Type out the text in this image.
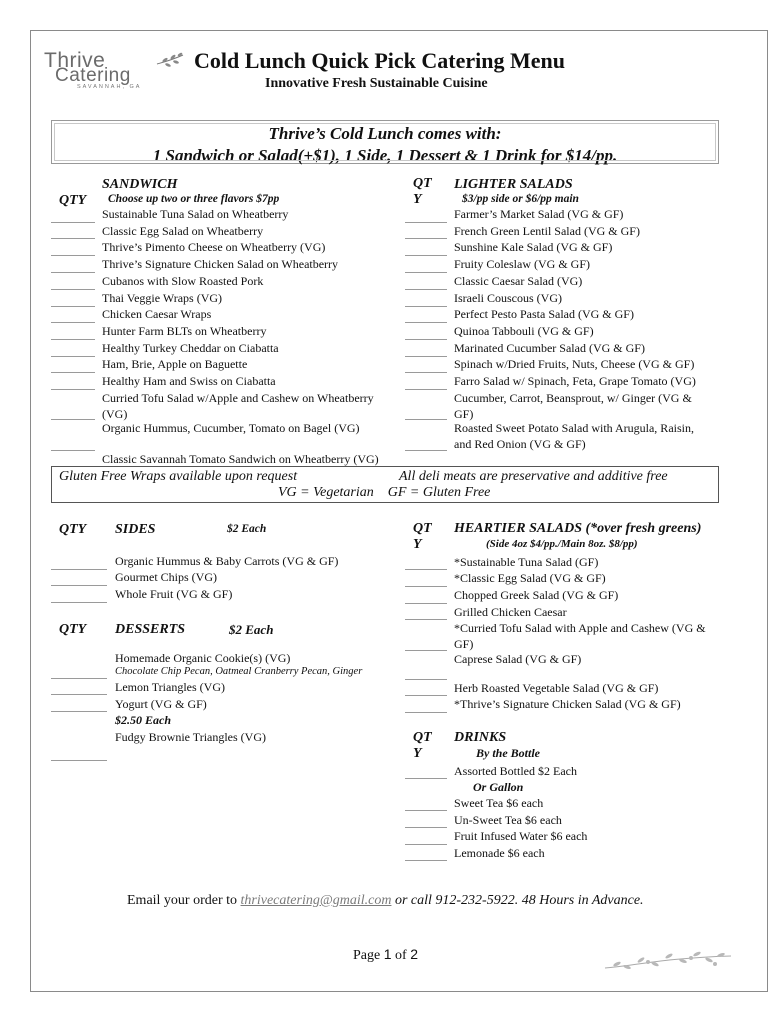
Thrive
Catering
SAVANNAH, GA
Cold Lunch Quick Pick Catering Menu
Innovative Fresh Sustainable Cuisine
Thrive’s Cold Lunch comes with:
1 Sandwich or Salad(+$1), 1 Side, 1 Dessert & 1 Drink for $14/pp.
QTY
SANDWICH
Choose up two or three flavors $7pp
Sustainable Tuna Salad on Wheatberry
Classic Egg Salad on Wheatberry
Thrive’s Pimento Cheese on Wheatberry (VG)
Thrive’s Signature Chicken Salad on Wheatberry
Cubanos with Slow Roasted Pork
Thai Veggie Wraps (VG)
Chicken Caesar Wraps
Hunter Farm BLTs on Wheatberry
Healthy Turkey Cheddar on Ciabatta
Ham, Brie, Apple on Baguette
Healthy Ham and Swiss on Ciabatta
Curried Tofu Salad w/Apple and Cashew on Wheatberry (VG)
Organic Hummus, Cucumber, Tomato on Bagel (VG)
Classic Savannah Tomato Sandwich on Wheatberry (VG)
QT Y
LIGHTER SALADS
$3/pp side or $6/pp main
Farmer’s Market Salad (VG & GF)
French Green Lentil Salad (VG & GF)
Sunshine Kale Salad (VG & GF)
Fruity Coleslaw (VG & GF)
Classic Caesar Salad (VG)
Israeli Couscous (VG)
Perfect Pesto Pasta Salad (VG & GF)
Quinoa Tabbouli (VG & GF)
Marinated Cucumber Salad (VG & GF)
Spinach w/Dried Fruits, Nuts, Cheese (VG & GF)
Farro Salad w/ Spinach, Feta, Grape Tomato (VG)
Cucumber, Carrot, Beansprout, w/ Ginger (VG & GF)
Roasted Sweet Potato Salad with Arugula, Raisin, and Red Onion (VG & GF)
Gluten Free Wraps available upon request	All deli meats are preservative and additive free
VG = Vegetarian    GF = Gluten Free
QTY SIDES	$2 Each
Organic Hummus & Baby Carrots (VG & GF)
Gourmet Chips (VG)
Whole Fruit (VG & GF)
QTY DESSERTS	$2 Each
Homemade Organic Cookie(s) (VG)
Lemon Triangles (VG)
Yogurt (VG & GF)
Fudgy Brownie Triangles (VG)
Chocolate Chip Pecan, Oatmeal Cranberry Pecan, Ginger
$2.50 Each
QT Y
HEARTIER SALADS (*over fresh greens)
(Side 4oz $4/pp./Main 8oz. $8/pp)
*Sustainable Tuna Salad (GF)
*Classic Egg Salad (VG & GF)
Chopped Greek Salad (VG & GF)
Grilled Chicken Caesar
*Curried Tofu Salad with Apple and Cashew (VG & GF)
Caprese Salad (VG & GF)
Herb Roasted Vegetable Salad (VG & GF)
*Thrive’s Signature Chicken Salad (VG & GF)
QT Y
DRINKS
By the Bottle
Or Gallon
Assorted Bottled $2 Each
Sweet Tea $6 each
Un-Sweet Tea $6 each
Fruit Infused Water $6 each
Lemonade $6 each
Email your order to thrivecatering@gmail.com or call 912-232-5922. 48 Hours in Advance.
Page 1 of 2
